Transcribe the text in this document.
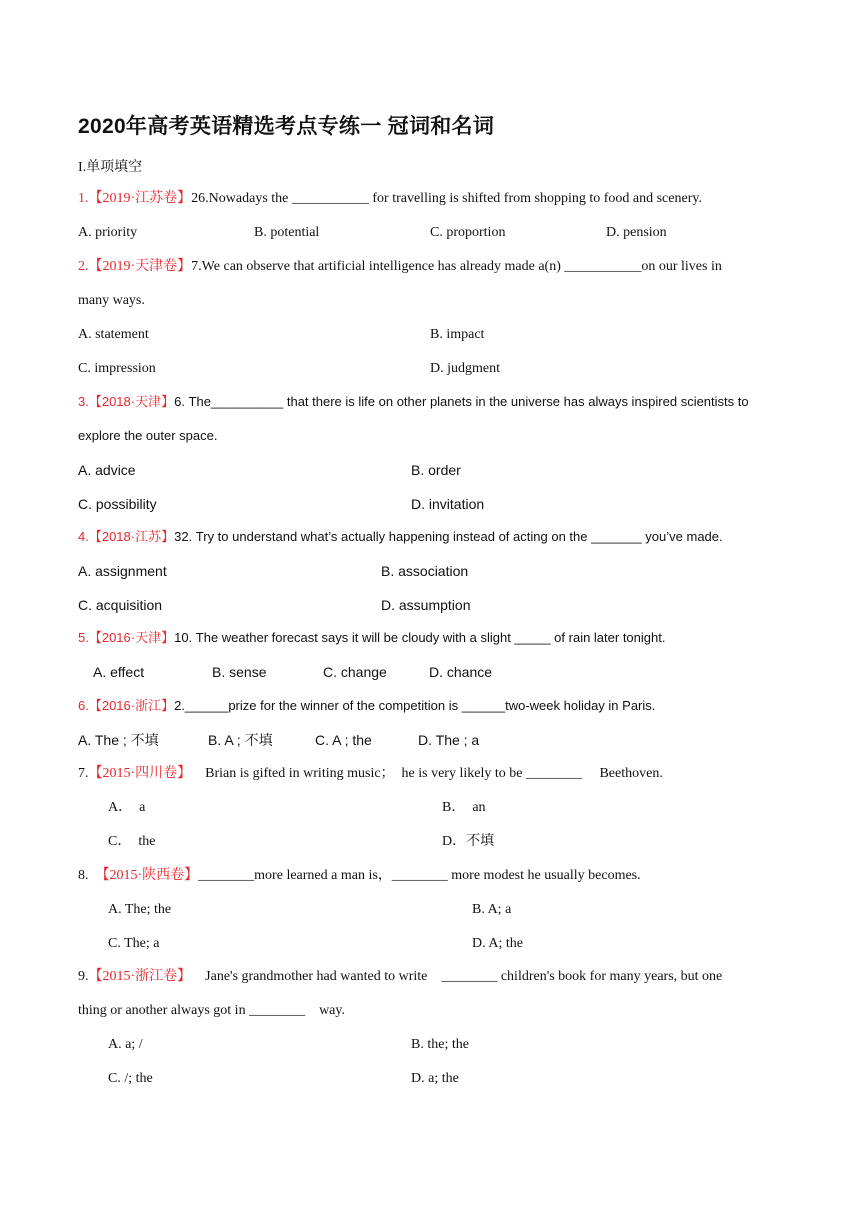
2020年高考英语精选考点专练一 冠词和名词
I.单项填空
1.【2019·江苏卷】26.Nowadays the ___________ for travelling is shifted from shopping to food and scenery.
A. priority	B. potential	C. proportion	D. pension
2.【2019·天津卷】7.We can observe that artificial intelligence has already made a(n) ___________on our lives in
many ways.
A. statement	B. impact
C. impression	D. judgment
3.【2018·天津】6. The__________ that there is life on other planets in the universe has always inspired scientists to
explore the outer space.
A. advice	B. order
C. possibility	D. invitation
4.【2018·江苏】32. Try to understand what’s actually happening instead of acting on the _______ you’ve made.
A. assignment	B. association
C. acquisition	D. assumption
5.【2016·天津】10. The weather forecast says it will be cloudy with a slight _____ of rain later tonight.
A. effect	B. sense	C. change	D. chance
6.【2016·浙江】2.______prize for the winner of the competition is ______two-week holiday in Paris.
A. The ; 不填	B. A ; 不填	C. A ; the	D. The ; a
7.【2015·四川卷】    Brian is gifted in writing music；  he is very likely to be ________     Beethoven.
A．  a	B．  an
C．  the	D．不填
8.  【2015·陕西卷】________more learned a man is，________ more modest he usually becomes.
A. The; the	B. A; a
C. The; a	D. A; the
9.【2015·浙江卷】    Jane's grandmother had wanted to write    ________ children's book for many years, but one
thing or another always got in ________    way.
A. a; /	B. the; the
C. /; the	D. a; the
